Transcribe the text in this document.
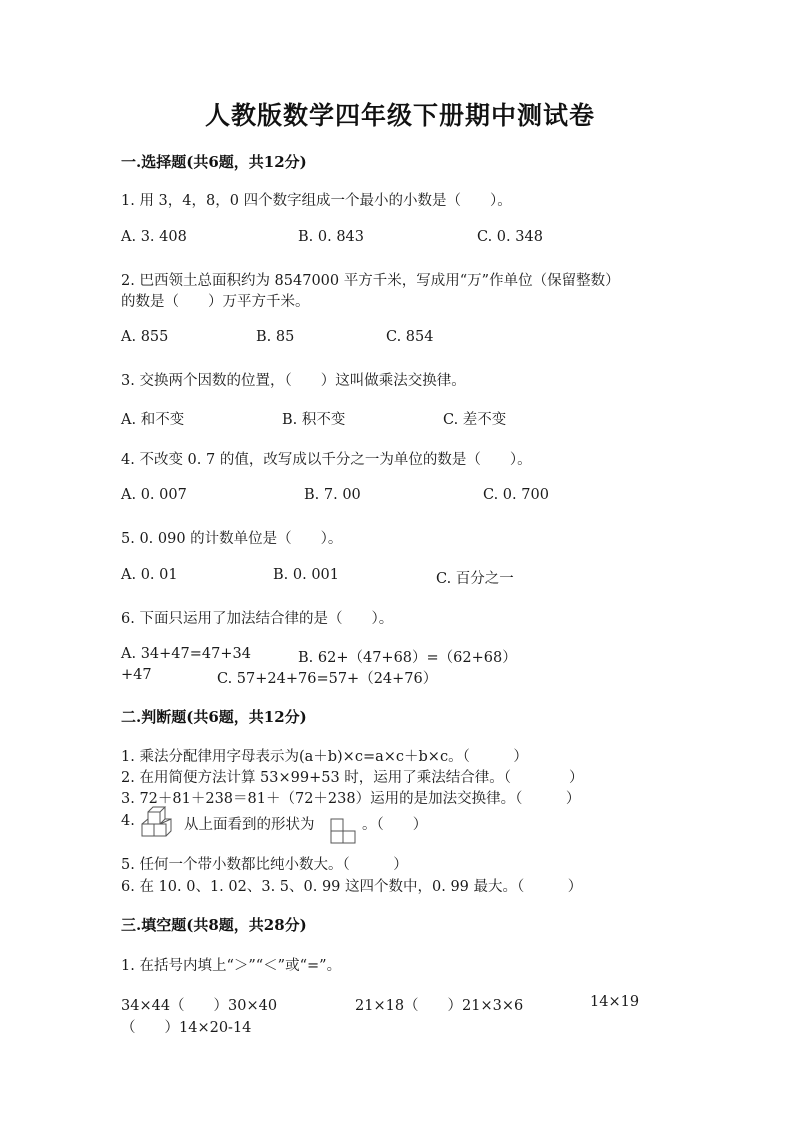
人教版数学四年级下册期中测试卷
一.选择题(共6题，共12分)
1. 用 3，4，8，0 四个数字组成一个最小的小数是（　　）。
A. 3. 408	B. 0. 843	C. 0. 348
2. 巴西领土总面积约为 8547000 平方千米，写成用“万”作单位（保留整数）
的数是（　　）万平方千米。
A. 855	B. 85	C. 854
3. 交换两个因数的位置，（　　）这叫做乘法交换律。
A. 和不变	B. 积不变	C. 差不变
4. 不改变 0. 7 的值，改写成以千分之一为单位的数是（　　）。
A. 0. 007	B. 7. 00	C. 0. 700
5. 0. 090 的计数单位是（　　）。
A. 0. 01	B. 0. 001	C. 百分之一
6. 下面只运用了加法结合律的是（　　）。
A. 34+47=47+34	B. 62+（47+68）=（62+68）
+47	C. 57+24+76=57+（24+76）
二.判断题(共6题，共12分)
1. 乘法分配律用字母表示为(a＋b)×c=a×c＋b×c。（　　　）
2. 在用简便方法计算 53×99+53 时，运用了乘法结合律。（　　　　）
3. 72＋81＋238＝81＋（72＋238）运用的是加法交换律。（　　　）
4.	从上面看到的形状为	。（　　）
5. 任何一个带小数都比纯小数大。（　　　）
6. 在 10. 0、1. 02、3. 5、0. 99 这四个数中，0. 99 最大。（　　　）
三.填空题(共8题，共28分)
1. 在括号内填上“＞”“＜”或“=”。
34×44（　　）30×40	21×18（　　）21×3×6	14×19
（　　）14×20-14
